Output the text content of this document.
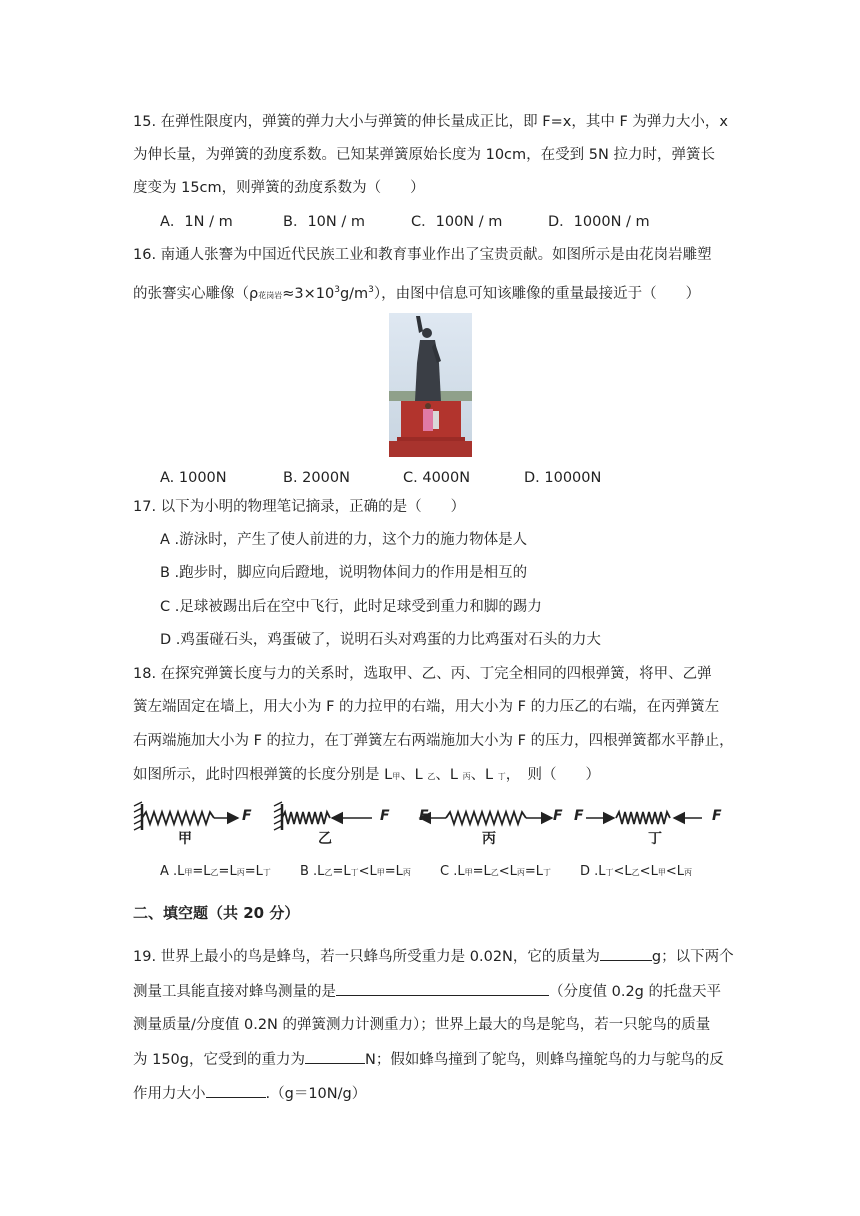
15. 在弹性限度内，弹簧的弹力大小与弹簧的伸长量成正比，即 F=x，其中 F 为弹力大小，x
为伸长量，为弹簧的劲度系数。已知某弹簧原始长度为 10cm，在受到 5N 拉力时，弹簧长
度变为 15cm，则弹簧的劲度系数为（　　）
A．1N / m	B．10N / m	C．100N / m	D．1000N / m
16. 南通人张謇为中国近代民族工业和教育事业作出了宝贵贡献。如图所示是由花岗岩雕塑
的张謇实心雕像（ρ花岗岩$\approx 3\times 10^3g/m^3$），由图中信息可知该雕像的重量最接近于（　　）
A. 1000N	B. 2000N	C. 4000N	D. 10000N
17. 以下为小明的物理笔记摘录，正确的是（　　）
A .游泳时，产生了使人前进的力，这个力的施力物体是人
B .跑步时，脚应向后蹬地，说明物体间力的作用是相互的
C .足球被踢出后在空中飞行，此时足球受到重力和脚的踢力
D .鸡蛋碰石头，鸡蛋破了，说明石头对鸡蛋的力比鸡蛋对石头的力大
18. 在探究弹簧长度与力的关系时，选取甲、乙、丙、丁完全相同的四根弹簧，将甲、乙弹
簧左端固定在墙上，用大小为 F 的力拉甲的右端，用大小为 F 的力压乙的右端，在丙弹簧左
右两端施加大小为 F 的拉力，在丁弹簧左右两端施加大小为 F 的压力，四根弹簧都水平静止，
如图所示，此时四根弹簧的长度分别是 L甲、L 乙、L 丙、L 丁，　则（　　）
F	F F	F F	F
甲	乙	丙	丁
A .L甲=L乙=L丙=L丁 B .L乙=L丁<L甲=L丙 C .L甲=L乙<L丙=L丁 D .L丁<L乙<L甲<L丙
二、填空题（共 20 分）
19. 世界上最小的鸟是蜂鸟，若一只蜂鸟所受重力是 0.02N，它的质量为	g；以下两个
测量工具能直接对蜂鸟测量的是	（分度值 0.2g 的托盘天平
测量质量/分度值 0.2N 的弹簧测力计测重力）；世界上最大的鸟是鸵鸟，若一只鸵鸟的质量
为 150g，它受到的重力为	N；假如蜂鸟撞到了鸵鸟，则蜂鸟撞鸵鸟的力与鸵鸟的反
作用力大小	.（g＝10N/g）
